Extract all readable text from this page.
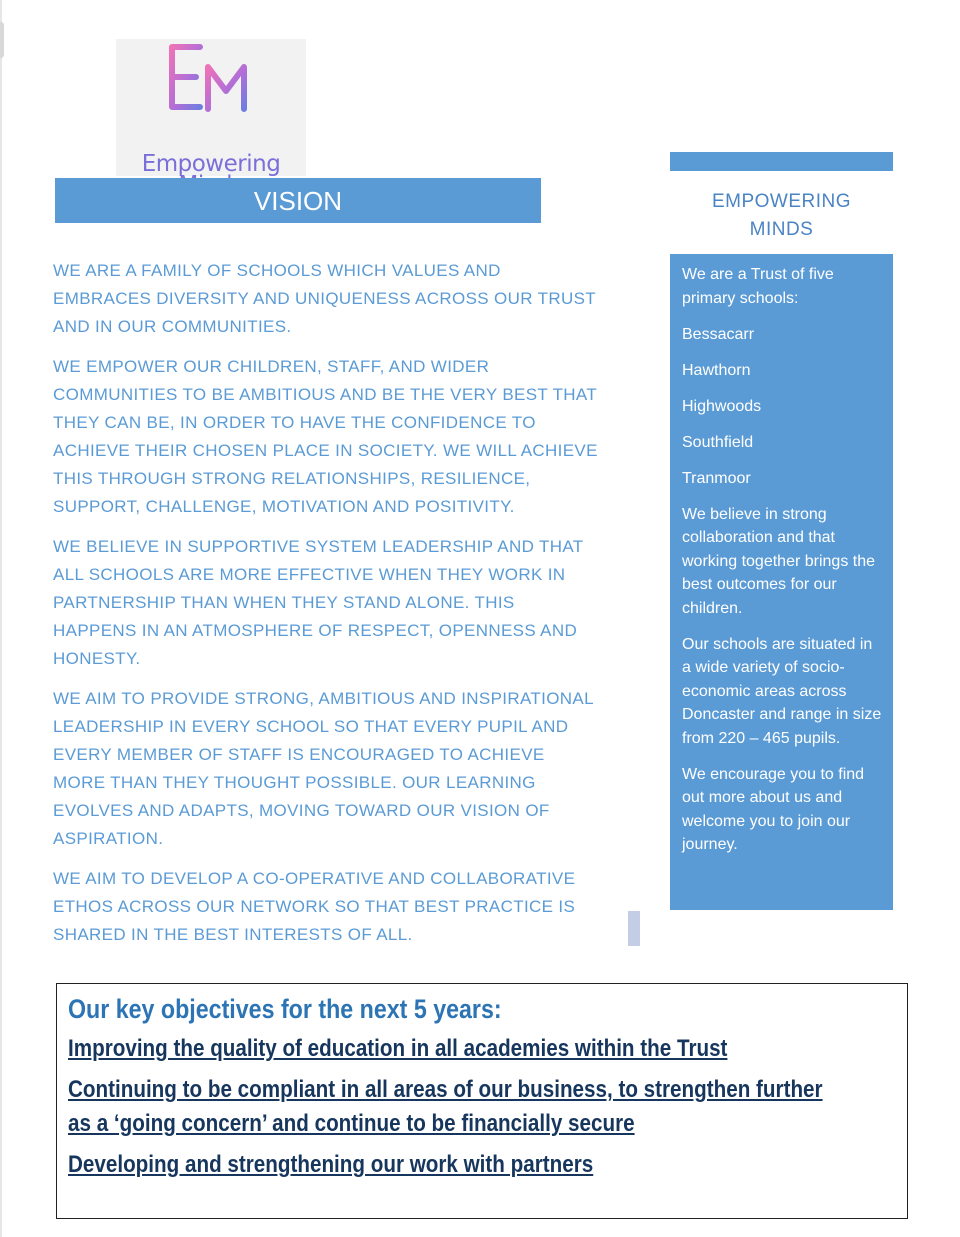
Empowering
VISION

WE ARE A FAMILY OF SCHOOLS WHICH VALUES AND EMBRACES DIVERSITY AND UNIQUENESS ACROSS OUR TRUST AND IN OUR COMMUNITIES.

WE EMPOWER OUR CHILDREN, STAFF, AND WIDER COMMUNITIES TO BE AMBITIOUS AND BE THE VERY BEST THAT THEY CAN BE, IN ORDER TO HAVE THE CONFIDENCE TO ACHIEVE THEIR CHOSEN PLACE IN SOCIETY. WE WILL ACHIEVE THIS THROUGH STRONG RELATIONSHIPS, RESILIENCE, SUPPORT, CHALLENGE, MOTIVATION AND POSITIVITY.

WE BELIEVE IN SUPPORTIVE SYSTEM LEADERSHIP AND THAT ALL SCHOOLS ARE MORE EFFECTIVE WHEN THEY WORK IN PARTNERSHIP THAN WHEN THEY STAND ALONE. THIS HAPPENS IN AN ATMOSPHERE OF RESPECT, OPENNESS AND HONESTY.

WE AIM TO PROVIDE STRONG, AMBITIOUS AND INSPIRATIONAL LEADERSHIP IN EVERY SCHOOL SO THAT EVERY PUPIL AND EVERY MEMBER OF STAFF IS ENCOURAGED TO ACHIEVE MORE THAN THEY THOUGHT POSSIBLE. OUR LEARNING EVOLVES AND ADAPTS, MOVING TOWARD OUR VISION OF ASPIRATION.

WE AIM TO DEVELOP A CO-OPERATIVE AND COLLABORATIVE ETHOS ACROSS OUR NETWORK SO THAT BEST PRACTICE IS SHARED IN THE BEST INTERESTS OF ALL.

EMPOWERING
MINDS

We are a Trust of five primary schools:

Bessacarr

Hawthorn

Highwoods

Southfield

Tranmoor

We believe in strong collaboration and that working together brings the best outcomes for our children.

Our schools are situated in a wide variety of socio-economic areas across Doncaster and range in size from 220 – 465 pupils.

We encourage you to find out more about us and welcome you to join our journey.

Our key objectives for the next 5 years:
Improving the quality of education in all academies within the Trust
Continuing to be compliant in all areas of our business, to strengthen further
as a ‘going concern’ and continue to be financially secure
Developing and strengthening our work with partners
